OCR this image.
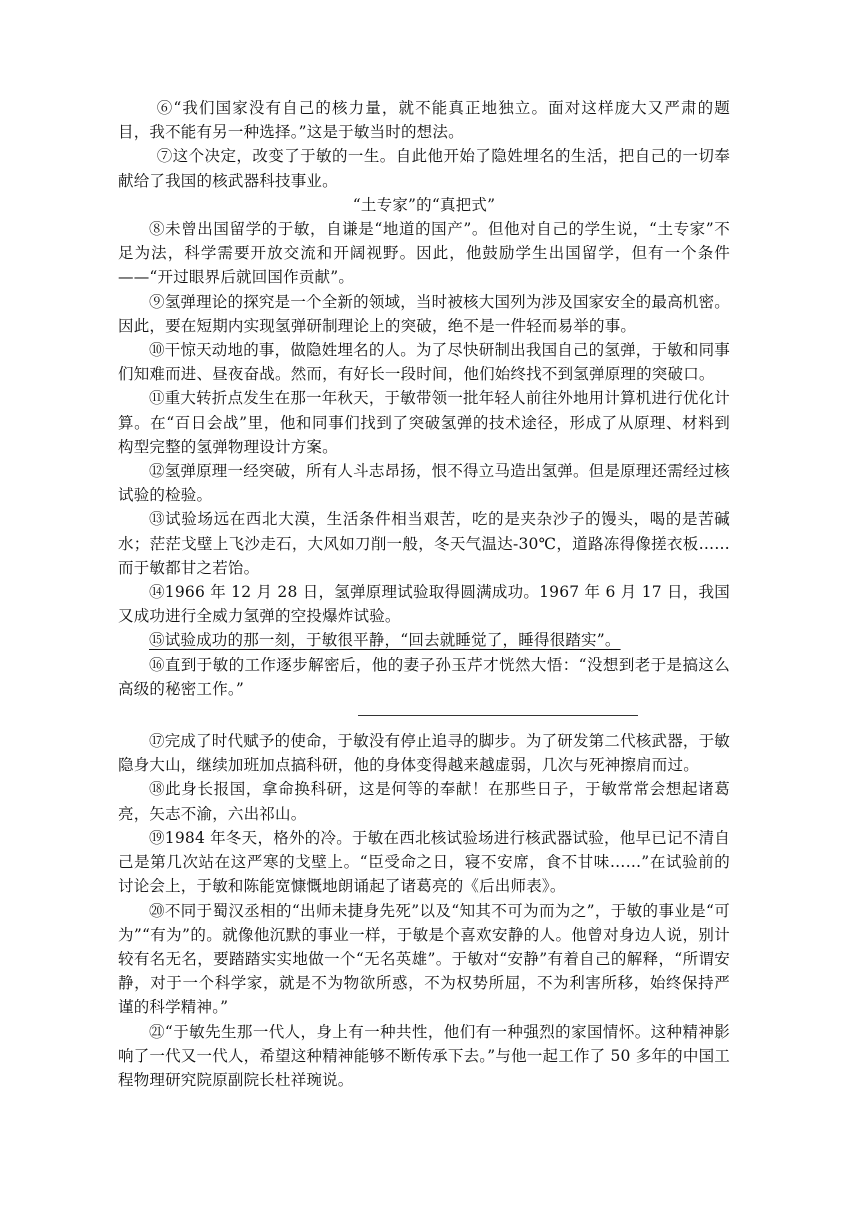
⑥“我们国家没有自己的核力量，就不能真正地独立。面对这样庞大又严肃的题目，我不能有另一种选择。”这是于敏当时的想法。

⑦这个决定，改变了于敏的一生。自此他开始了隐姓埋名的生活，把自己的一切奉献给了我国的核武器科技事业。

“土专家”的“真把式”

⑧未曾出国留学的于敏，自谦是“地道的国产”。但他对自己的学生说，“土专家”不足为法，科学需要开放交流和开阔视野。因此，他鼓励学生出国留学，但有一个条件——“开过眼界后就回国作贡献”。

⑨氢弹理论的探究是一个全新的领域，当时被核大国列为涉及国家安全的最高机密。因此，要在短期内实现氢弹研制理论上的突破，绝不是一件轻而易举的事。

⑩干惊天动地的事，做隐姓埋名的人。为了尽快研制出我国自己的氢弹，于敏和同事们知难而进、昼夜奋战。然而，有好长一段时间，他们始终找不到氢弹原理的突破口。

⑪重大转折点发生在那一年秋天，于敏带领一批年轻人前往外地用计算机进行优化计算。在“百日会战”里，他和同事们找到了突破氢弹的技术途径，形成了从原理、材料到构型完整的氢弹物理设计方案。

⑫氢弹原理一经突破，所有人斗志昂扬，恨不得立马造出氢弹。但是原理还需经过核试验的检验。

⑬试验场远在西北大漠，生活条件相当艰苦，吃的是夹杂沙子的馒头，喝的是苦碱水；茫茫戈壁上飞沙走石，大风如刀削一般，冬天气温达-30℃，道路冻得像搓衣板……而于敏都甘之若饴。

⑭1966 年 12 月 28 日，氢弹原理试验取得圆满成功。1967 年 6 月 17 日，我国又成功进行全威力氢弹的空投爆炸试验。

⑮试验成功的那一刻，于敏很平静，“回去就睡觉了，睡得很踏实”。

⑯直到于敏的工作逐步解密后，他的妻子孙玉芹才恍然大悟：“没想到老于是搞这么高级的秘密工作。”

⑰完成了时代赋予的使命，于敏没有停止追寻的脚步。为了研发第二代核武器，于敏隐身大山，继续加班加点搞科研，他的身体变得越来越虚弱，几次与死神擦肩而过。

⑱此身长报国，拿命换科研，这是何等的奉献！在那些日子，于敏常常会想起诸葛亮，矢志不渝，六出祁山。

⑲1984 年冬天，格外的冷。于敏在西北核试验场进行核武器试验，他早已记不清自己是第几次站在这严寒的戈壁上。“臣受命之日，寝不安席，食不甘味……”在试验前的讨论会上，于敏和陈能宽慷慨地朗诵起了诸葛亮的《后出师表》。

⑳不同于蜀汉丞相的“出师未捷身先死”以及“知其不可为而为之”，于敏的事业是“可为”“有为”的。就像他沉默的事业一样，于敏是个喜欢安静的人。他曾对身边人说，别计较有名无名，要踏踏实实地做一个“无名英雄”。于敏对“安静”有着自己的解释，“所谓安静，对于一个科学家，就是不为物欲所惑，不为权势所屈，不为利害所移，始终保持严谨的科学精神。”

㉑“于敏先生那一代人，身上有一种共性，他们有一种强烈的家国情怀。这种精神影响了一代又一代人，希望这种精神能够不断传承下去。”与他一起工作了 50 多年的中国工程物理研究院原副院长杜祥琬说。
